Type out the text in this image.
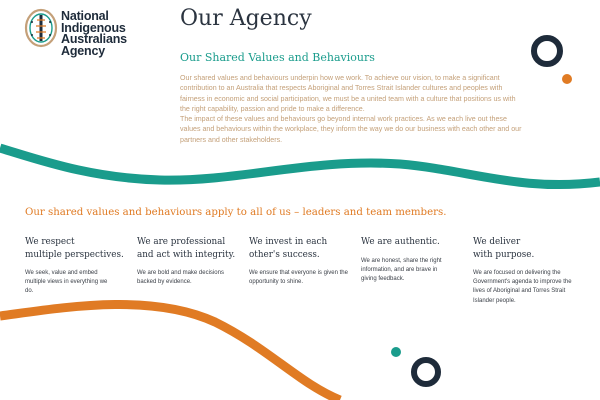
National
Indigenous
Australians
Agency
Our Agency
Our Shared Values and Behaviours

Our shared values and behaviours underpin how we work. To achieve our vision, to make a significant contribution to an Australia that respects Aboriginal and Torres Strait Islander cultures and peoples with fairness in economic and social participation, we must be a united team with a culture that positions us with the right capability, passion and pride to make a difference.

The impact of these values and behaviours go beyond internal work practices. As we each live out these values and behaviours within the workplace, they inform the way we do our business with each other and our partners and other stakeholders.

Our shared values and behaviours apply to all of us – leaders and team members.
We respect
multiple perspectives.

We seek, value and embed multiple views in everything we do.

We are professional
and act with integrity.

We are bold and make decisions backed by evidence.

We invest in each
other's success.

We ensure that everyone is given the opportunity to shine.

We are authentic.

We are honest, share the right information, and are brave in giving feedback.

We deliver
with purpose.

We are focused on delivering the Government's agenda to improve the lives of Aboriginal and Torres Strait Islander people.
